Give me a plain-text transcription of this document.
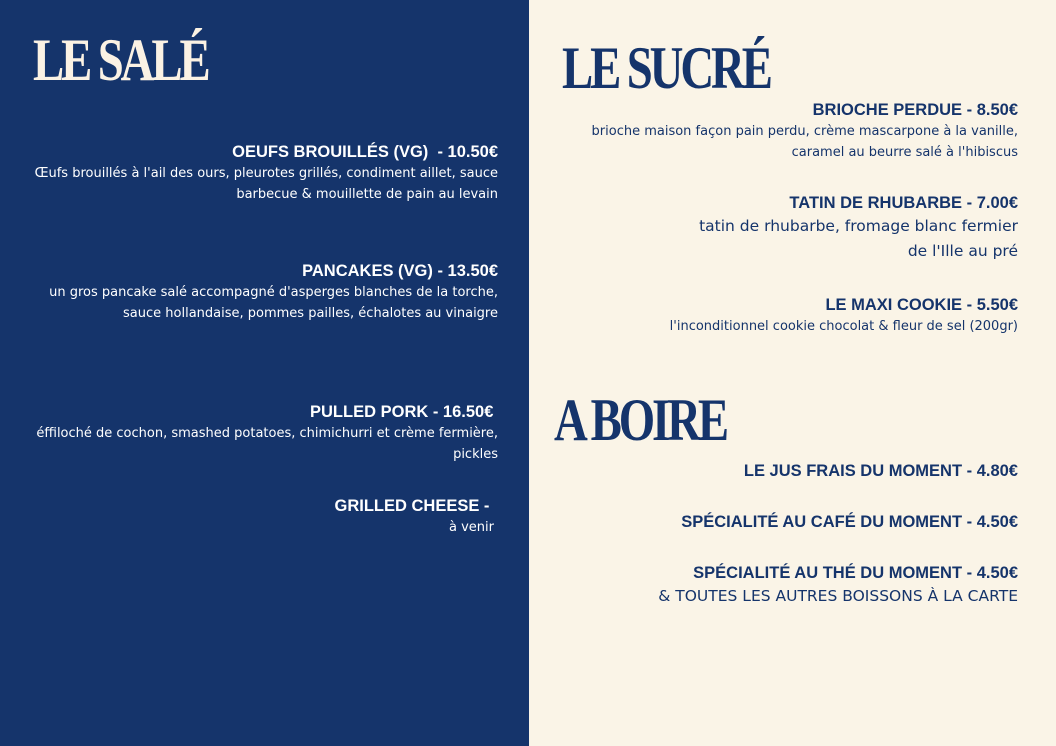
LE SALÉ
OEUFS BROUILLÉS (VG)  - 10.50€
Œufs brouillés à l'ail des ours, pleurotes grillés, condiment aillet, sauce barbecue & mouillette de pain au levain
PANCAKES (VG) - 13.50€
un gros pancake salé accompagné d'asperges blanches de la torche, sauce hollandaise, pommes pailles, échalotes au vinaigre
PULLED PORK - 16.50€
éffiloché de cochon, smashed potatoes, chimichurri et crème fermière, pickles
GRILLED CHEESE -
à venir
LE SUCRÉ
BRIOCHE PERDUE - 8.50€
brioche maison façon pain perdu, crème mascarpone à la vanille, caramel au beurre salé à l'hibiscus
TATIN DE RHUBARBE - 7.00€
tatin de rhubarbe, fromage blanc fermier
de l'Ille au pré
LE MAXI COOKIE - 5.50€
l'inconditionnel cookie chocolat & fleur de sel (200gr)
A BOIRE
LE JUS FRAIS DU MOMENT - 4.80€
SPÉCIALITÉ AU CAFÉ DU MOMENT - 4.50€
SPÉCIALITÉ AU THÉ DU MOMENT - 4.50€
& TOUTES LES AUTRES BOISSONS À LA CARTE
